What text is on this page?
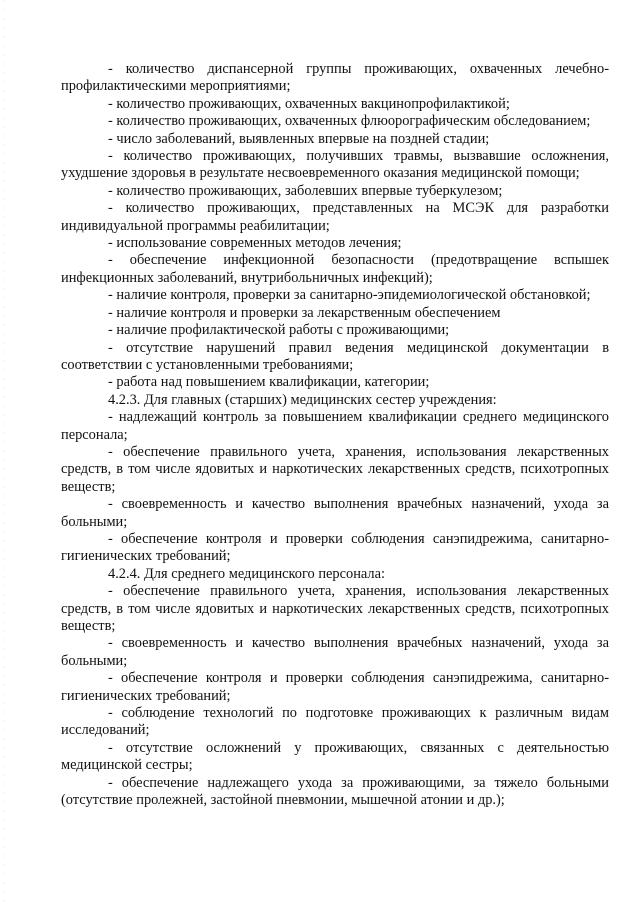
- количество диспансерной группы проживающих, охваченных лечебно-профилактическими мероприятиями;

- количество проживающих, охваченных вакцинопрофилактикой;

- количество проживающих, охваченных флюорографическим обследованием;

- число заболеваний, выявленных впервые на поздней стадии;

- количество проживающих, получивших травмы, вызвавшие осложнения, ухудшение здоровья в результате несвоевременного оказания медицинской помощи;

- количество проживающих, заболевших впервые туберкулезом;

- количество проживающих, представленных на МСЭК для разработки индивидуальной программы реабилитации;

- использование современных методов лечения;

- обеспечение инфекционной безопасности (предотвращение вспышек инфекционных заболеваний, внутрибольничных инфекций);

- наличие контроля, проверки за санитарно-эпидемиологической обстановкой;

- наличие контроля и проверки за лекарственным обеспечением

- наличие профилактической работы с проживающими;

- отсутствие нарушений правил ведения медицинской документации в соответствии с установленными требованиями;

- работа над повышением квалификации, категории;

4.2.3. Для главных (старших) медицинских сестер учреждения:

- надлежащий контроль за повышением квалификации среднего медицинского персонала;

- обеспечение правильного учета, хранения, использования лекарственных средств, в том числе ядовитых и наркотических лекарственных средств, психотропных веществ;

- своевременность и качество выполнения врачебных назначений, ухода за больными;

- обеспечение контроля и проверки соблюдения санэпидрежима, санитарно-гигиенических требований;

4.2.4. Для среднего медицинского персонала:

- обеспечение правильного учета, хранения, использования лекарственных средств, в том числе ядовитых и наркотических лекарственных средств, психотропных веществ;

- своевременность и качество выполнения врачебных назначений, ухода за больными;

- обеспечение контроля и проверки соблюдения санэпидрежима, санитарно-гигиенических требований;

- соблюдение технологий по подготовке проживающих к различным видам исследований;

- отсутствие осложнений у проживающих, связанных с деятельностью медицинской сестры;

- обеспечение надлежащего ухода за проживающими, за тяжело больными (отсутствие пролежней, застойной пневмонии, мышечной атонии и др.);
